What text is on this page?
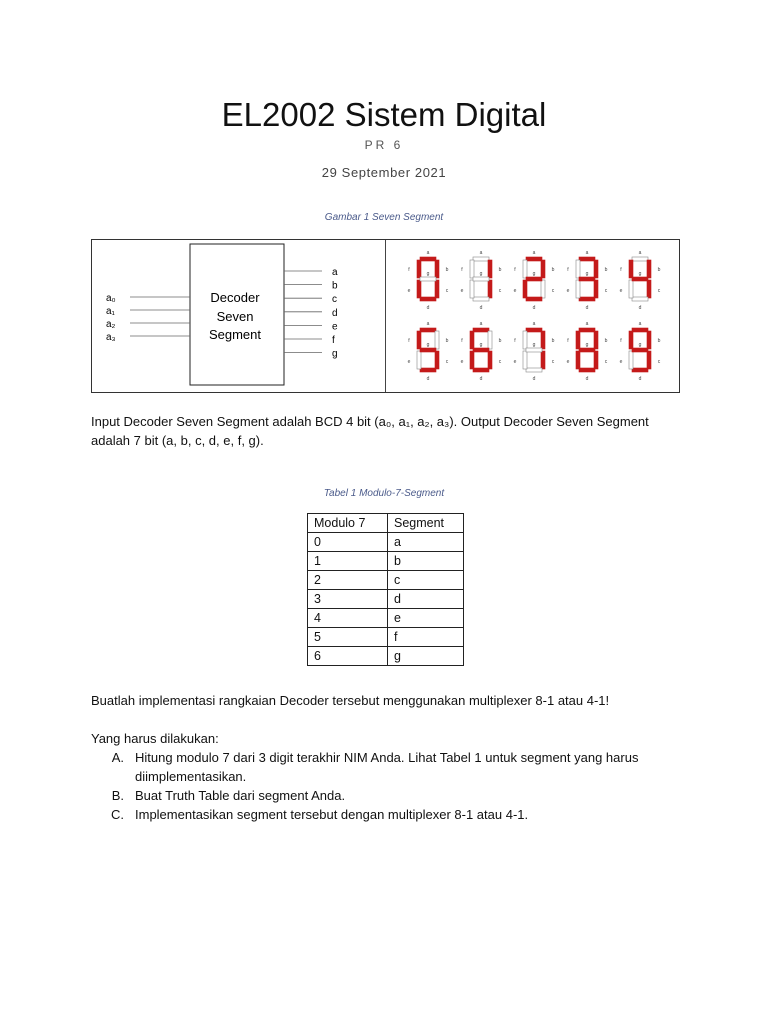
EL2002 Sistem Digital
PR 6
29 September 2021
Gambar 1 Seven Segment
Decoder
Seven
Segment
a₀
a₁
a₂
a₃
a
b
c
d
e
f
g
a
b
c
d
e
f
g
a
b
c
d
e
f
g
a
b
c
d
e
f
g
a
b
c
d
e
f
g
a
b
c
d
e
f
g
a
b
c
d
e
f
g
a
b
c
d
e
f
g
a
b
c
d
e
f
g
a
b
c
d
e
f
g
a
b
c
d
e
f
g
Input Decoder Seven Segment adalah BCD 4 bit (a₀, a₁, a₂, a₃). Output Decoder Seven Segment
adalah 7 bit (a, b, c, d, e, f, g).
Tabel 1 Modulo-7-Segment
Modulo 7	Segment
0	a
1	b
2	c
3	d
4	e
5	f
6	g
Buatlah implementasi rangkaian Decoder tersebut menggunakan multiplexer 8-1 atau 4-1!
Yang harus dilakukan:
A. Hitung modulo 7 dari 3 digit terakhir NIM Anda. Lihat Tabel 1 untuk segment yang harus
diimplementasikan.
B. Buat Truth Table dari segment Anda.
C. Implementasikan segment tersebut dengan multiplexer 8-1 atau 4-1.
